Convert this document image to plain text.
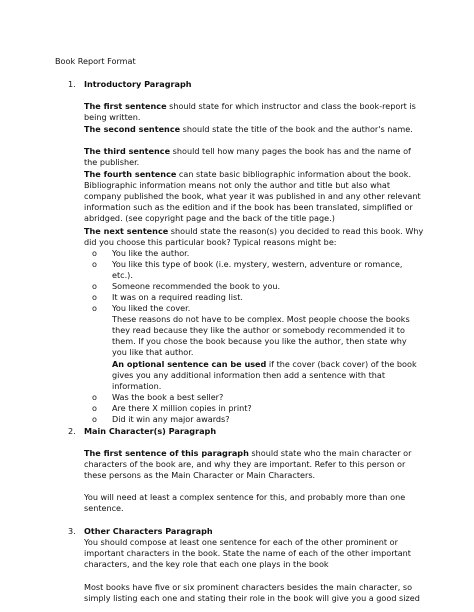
Book Report Format
1. Introductory Paragraph
The first sentence should state for which instructor and class the book-report is being written.
The second sentence should state the title of the book and the author's name.
The third sentence should tell how many pages the book has and the name of the publisher.
The fourth sentence can state basic bibliographic information about the book. Bibliographic information means not only the author and title but also what company published the book, what year it was published in and any other relevant information such as the edition and if the book has been translated, simplified or abridged. (see copyright page and the back of the title page.)
The next sentence should state the reason(s) you decided to read this book. Why did you choose this particular book? Typical reasons might be:
o You like the author.
o You like this type of book (i.e. mystery, western, adventure or romance, etc.).
o Someone recommended the book to you.
o It was on a required reading list.
o You liked the cover.
These reasons do not have to be complex. Most people choose the books they read because they like the author or somebody recommended it to them. If you chose the book because you like the author, then state why you like that author.
An optional sentence can be used if the cover (back cover) of the book gives you any additional information then add a sentence with that information.
o Was the book a best seller?
o Are there X million copies in print?
o Did it win any major awards?
2. Main Character(s) Paragraph
The first sentence of this paragraph should state who the main character or characters of the book are, and why they are important. Refer to this person or these persons as the Main Character or Main Characters.
You will need at least a complex sentence for this, and probably more than one sentence.
3. Other Characters Paragraph
You should compose at least one sentence for each of the other prominent or important characters in the book. State the name of each of the other important characters, and the key role that each one plays in the book
Most books have five or six prominent characters besides the main character, so simply listing each one and stating their role in the book will give you a good sized
